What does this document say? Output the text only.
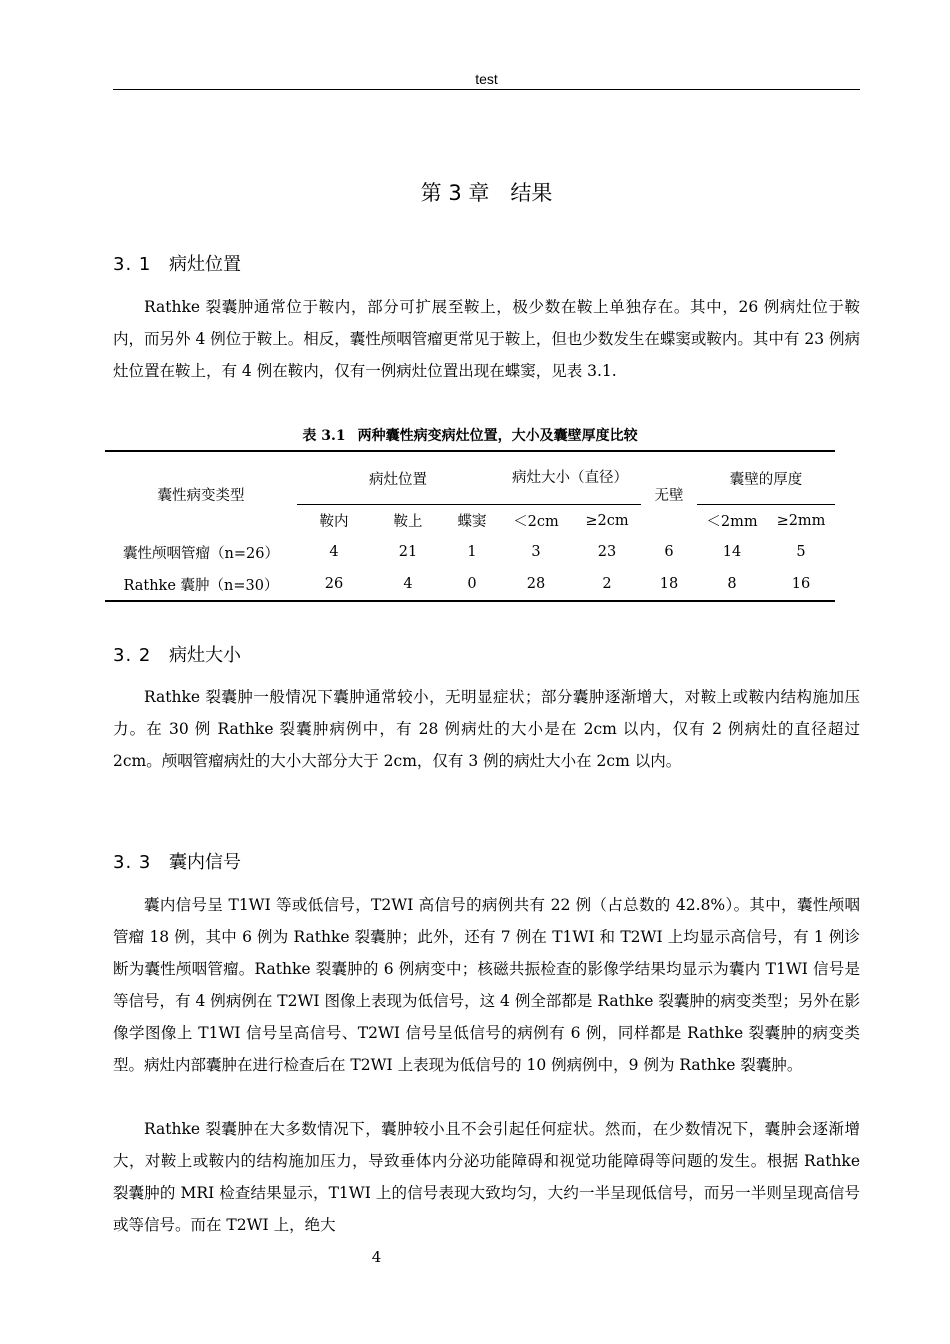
test
第 3 章　结果
3. 1 病灶位置

Rathke 裂囊肿通常位于鞍内，部分可扩展至鞍上，极少数在鞍上单独存在。其中，26 例病灶位于鞍内，而另外 4 例位于鞍上。相反，囊性颅咽管瘤更常见于鞍上，但也少数发生在蝶窦或鞍内。其中有 23 例病灶位置在鞍上，有 4 例在鞍内，仅有一例病灶位置出现在蝶窦，见表 3.1.

表 3.1 两种囊性病变病灶位置，大小及囊壁厚度比较
囊性病变类型	病灶位置			病灶大小（直径）		无壁	囊壁的厚度	
	鞍内	鞍上	蝶窦	＜2cm	≥2cm		＜2mm	≥2mm
囊性颅咽管瘤（n=26）	4	21	1	3	23	6	14	5
Rathke 囊肿（n=30）	26	4	0	28	2	18	8	16
3. 2 病灶大小

Rathke 裂囊肿一般情况下囊肿通常较小，无明显症状；部分囊肿逐渐增大，对鞍上或鞍内结构施加压力。在 30 例 Rathke 裂囊肿病例中，有 28 例病灶的大小是在 2cm 以内，仅有 2 例病灶的直径超过 2cm。颅咽管瘤病灶的大小大部分大于 2cm，仅有 3 例的病灶大小在 2cm 以内。

3. 3 囊内信号

囊内信号呈 T1WI 等或低信号，T2WI 高信号的病例共有 22 例（占总数的 42.8%）。其中，囊性颅咽管瘤 18 例，其中 6 例为 Rathke 裂囊肿；此外，还有 7 例在 T1WI 和 T2WI 上均显示高信号，有 1 例诊断为囊性颅咽管瘤。Rathke 裂囊肿的 6 例病变中；核磁共振检查的影像学结果均显示为囊内 T1WI 信号是等信号，有 4 例病例在 T2WI 图像上表现为低信号，这 4 例全部都是 Rathke 裂囊肿的病变类型；另外在影像学图像上 T1WI 信号呈高信号、T2WI 信号呈低信号的病例有 6 例，同样都是 Rathke 裂囊肿的病变类型。病灶内部囊肿在进行检查后在 T2WI 上表现为低信号的 10 例病例中，9 例为 Rathke 裂囊肿。

Rathke 裂囊肿在大多数情况下，囊肿较小且不会引起任何症状。然而，在少数情况下，囊肿会逐渐增大，对鞍上或鞍内的结构施加压力，导致垂体内分泌功能障碍和视觉功能障碍等问题的发生。根据 Rathke 裂囊肿的 MRI 检查结果显示，T1WI 上的信号表现大致均匀，大约一半呈现低信号，而另一半则呈现高信号或等信号。而在 T2WI 上，绝大

4
